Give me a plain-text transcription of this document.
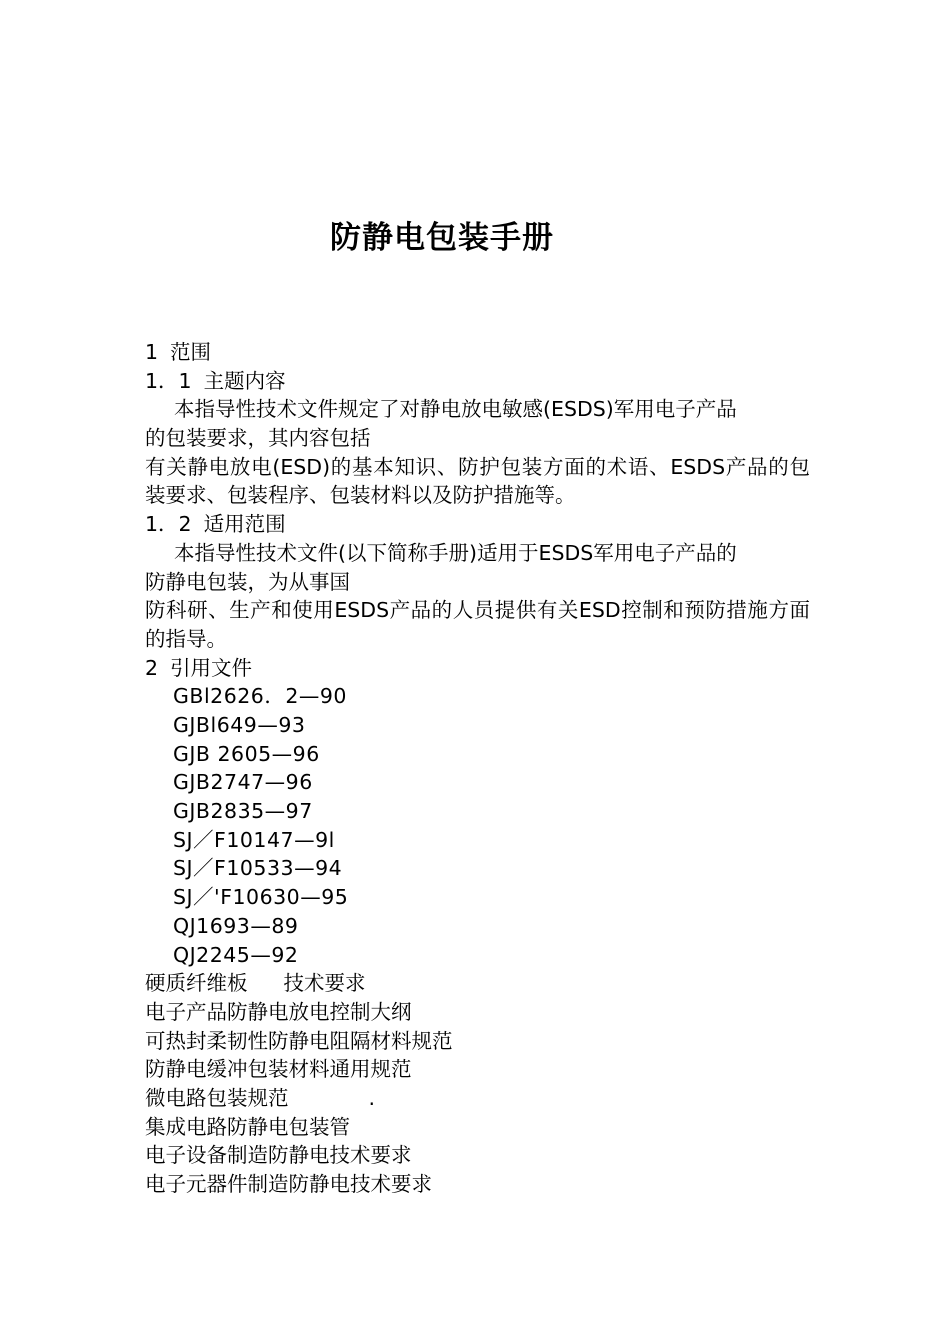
防静电包装手册
1 范围
1．1 主题内容
本指导性技术文件规定了对静电放电敏感(ESDS)军用电子产品
的包装要求，其内容包括
有关静电放电(ESD)的基本知识、防护包装方面的术语、ESDS产品的包装要求、包装程序、包装材料以及防护措施等。
1．2 适用范围
本指导性技术文件(以下简称手册)适用于ESDS军用电子产品的
防静电包装，为从事国
防科研、生产和使用ESDS产品的人员提供有关ESD控制和预防措施方面的指导。
2 引用文件
GBl2626．2—90
GJBl649—93
GJB 2605—96
GJB2747—96
GJB2835—97
SJ／F10147—9l
SJ／F10533—94
SJ／'F10630—95
QJ1693—89
QJ2245—92
硬质纤维板 技术要求
电子产品防静电放电控制大纲
可热封柔韧性防静电阻隔材料规范
防静电缓冲包装材料通用规范
微电路包装规范	.
集成电路防静电包装管
电子设备制造防静电技术要求
电子元器件制造防静电技术要求
